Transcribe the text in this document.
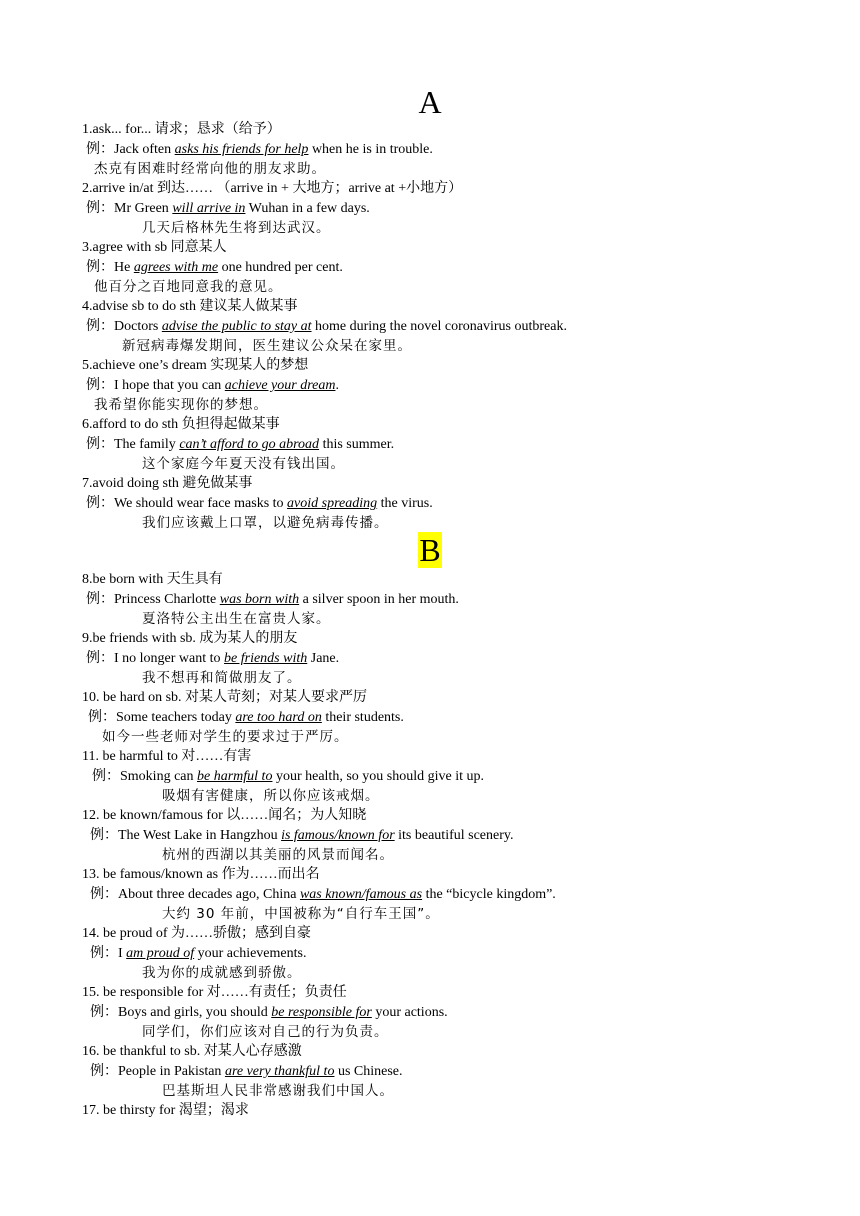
A
1.ask... for... 请求；恳求（给予）
例：Jack often asks his friends for help when he is in trouble.
杰克有困难时经常向他的朋友求助。
2.arrive in/at 到达…… （arrive in + 大地方；arrive at +小地方）
例：Mr Green will arrive in Wuhan in a few days.
几天后格林先生将到达武汉。
3.agree with sb 同意某人
例：He agrees with me one hundred per cent.
他百分之百地同意我的意见。
4.advise sb to do sth 建议某人做某事
例：Doctors advise the public to stay at home during the novel coronavirus outbreak.
新冠病毒爆发期间，医生建议公众呆在家里。
5.achieve one’s dream 实现某人的梦想
例：I hope that you can achieve your dream.
我希望你能实现你的梦想。
6.afford to do sth 负担得起做某事
例：The family can’t afford to go abroad this summer.
这个家庭今年夏天没有钱出国。
7.avoid doing sth 避免做某事
例：We should wear face masks to avoid spreading the virus.
我们应该戴上口罩，以避免病毒传播。
B
8.be born with 天生具有
例：Princess Charlotte was born with a silver spoon in her mouth.
夏洛特公主出生在富贵人家。
9.be friends with sb. 成为某人的朋友
例：I no longer want to be friends with Jane.
我不想再和简做朋友了。
10. be hard on sb. 对某人苛刻；对某人要求严厉
例：Some teachers today are too hard on their students.
如今一些老师对学生的要求过于严厉。
11. be harmful to 对……有害
例：Smoking can be harmful to your health, so you should give it up.
吸烟有害健康，所以你应该戒烟。
12. be known/famous for 以……闻名；为人知晓
例：The West Lake in Hangzhou is famous/known for its beautiful scenery.
杭州的西湖以其美丽的风景而闻名。
13. be famous/known as 作为……而出名
例：About three decades ago, China was known/famous as the “bicycle kingdom”.
大约 30 年前，中国被称为“自行车王国”。
14. be proud of 为……骄傲；感到自豪
例：I am proud of your achievements.
我为你的成就感到骄傲。
15. be responsible for 对……有责任；负责任
例：Boys and girls, you should be responsible for your actions.
同学们，你们应该对自己的行为负责。
16. be thankful to sb. 对某人心存感激
例：People in Pakistan are very thankful to us Chinese.
巴基斯坦人民非常感谢我们中国人。
17. be thirsty for 渴望；渴求
